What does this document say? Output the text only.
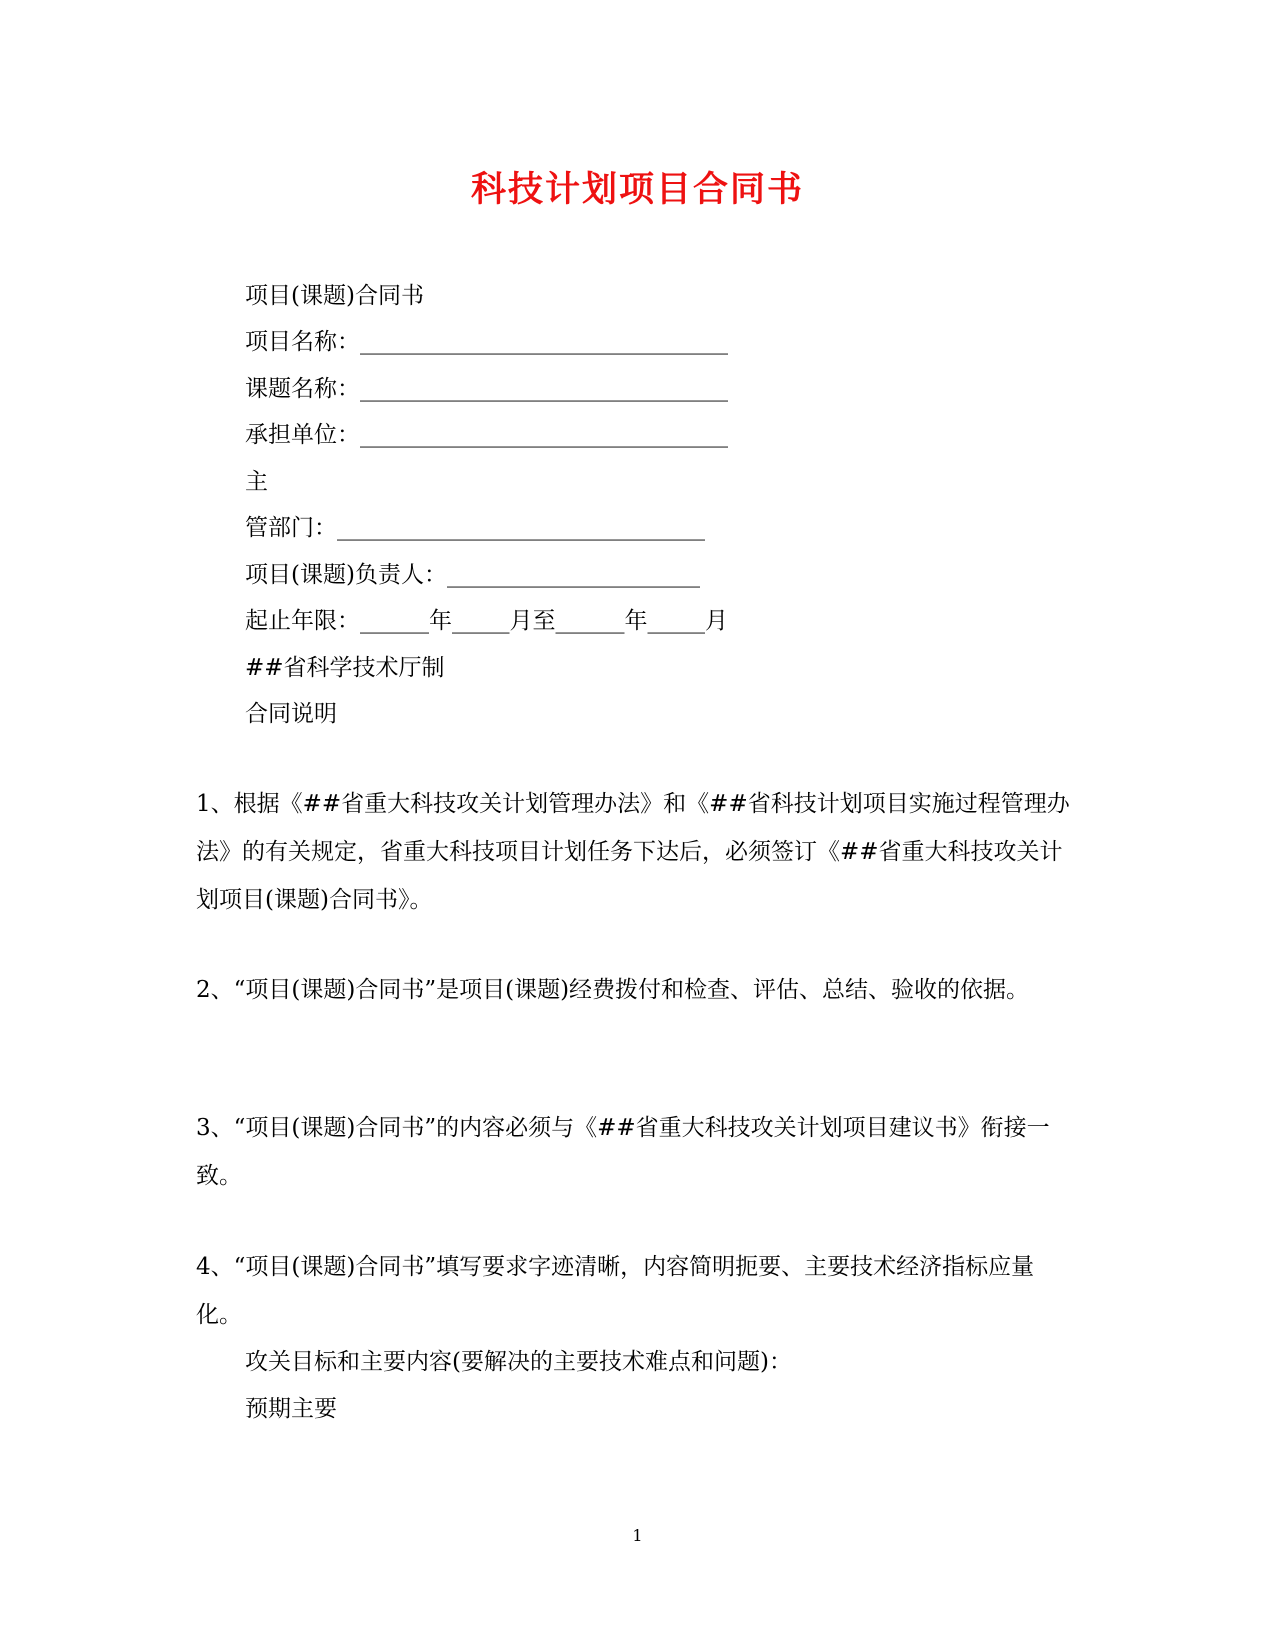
科技计划项目合同书
项目(课题)合同书
项目名称：________________________________
课题名称：________________________________
承担单位：________________________________
主
管部门：________________________________
项目(课题)负责人：______________________
起止年限：______年_____月至______年_____月
##省科学技术厅制
合同说明
1、根据《##省重大科技攻关计划管理办法》和《##省科技计划项目实施过程管理办法》的有关规定，省重大科技项目计划任务下达后，必须签订《##省重大科技攻关计划项目(课题)合同书》。
2、“项目(课题)合同书”是项目(课题)经费拨付和检查、评估、总结、验收的依据。
3、“项目(课题)合同书”的内容必须与《##省重大科技攻关计划项目建议书》衔接一致。
4、“项目(课题)合同书”填写要求字迹清晰，内容简明扼要、主要技术经济指标应量化。
攻关目标和主要内容(要解决的主要技术难点和问题)：
预期主要
1
